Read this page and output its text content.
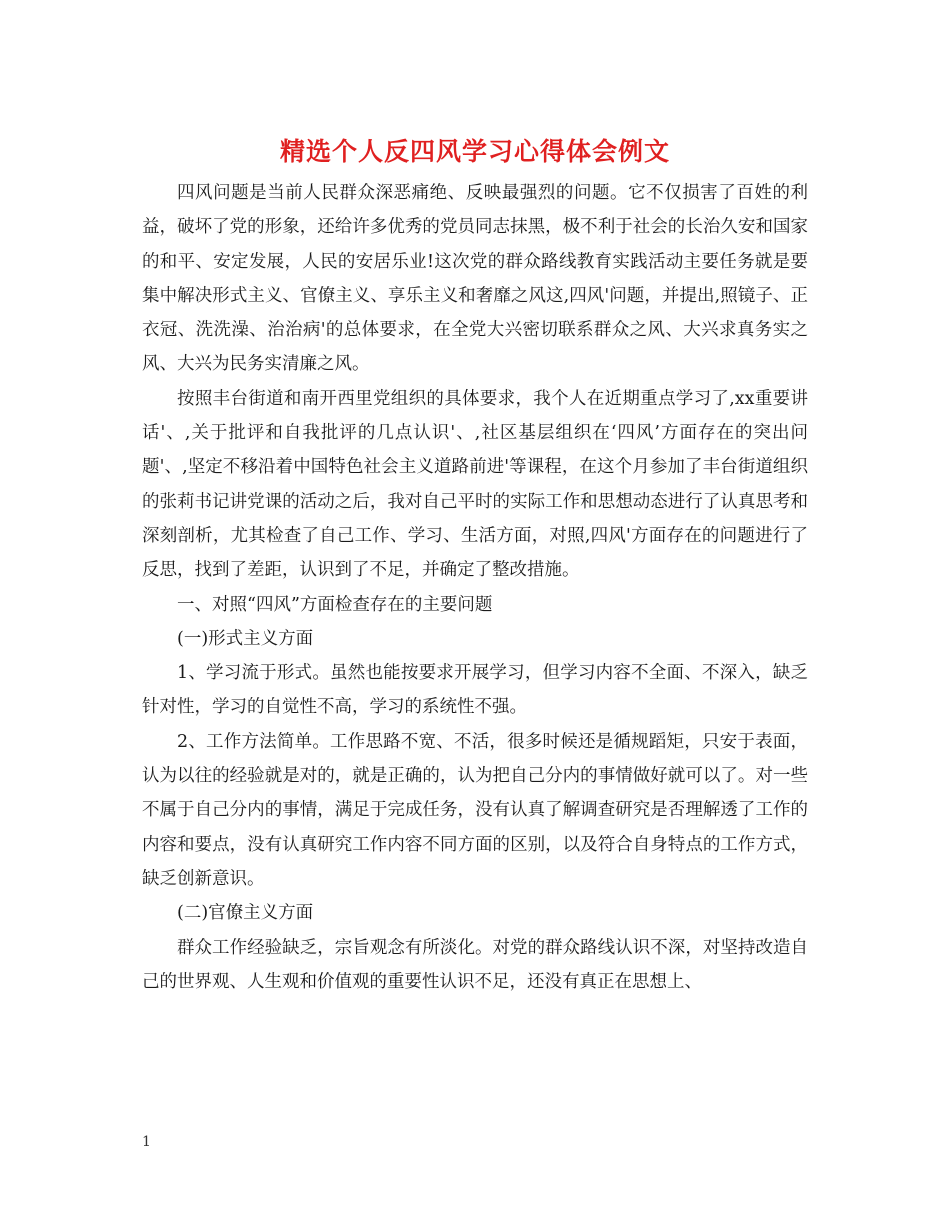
精选个人反四风学习心得体会例文

四风问题是当前人民群众深恶痛绝、反映最强烈的问题。它不仅损害了百姓的利益，破坏了党的形象，还给许多优秀的党员同志抹黑，极不利于社会的长治久安和国家的和平、安定发展，人民的安居乐业!这次党的群众路线教育实践活动主要任务就是要集中解决形式主义、官僚主义、享乐主义和奢靡之风这,四风'问题，并提出,照镜子、正衣冠、洗洗澡、治治病'的总体要求，在全党大兴密切联系群众之风、大兴求真务实之风、大兴为民务实清廉之风。

按照丰台街道和南开西里党组织的具体要求，我个人在近期重点学习了,xx重要讲话'、,关于批评和自我批评的几点认识'、,社区基层组织在‘四风’方面存在的突出问题'、,坚定不移沿着中国特色社会主义道路前进'等课程，在这个月参加了丰台街道组织的张莉书记讲党课的活动之后，我对自己平时的实际工作和思想动态进行了认真思考和深刻剖析，尤其检查了自己工作、学习、生活方面，对照,四风'方面存在的问题进行了反思，找到了差距，认识到了不足，并确定了整改措施。

一、对照“四风”方面检查存在的主要问题

(一)形式主义方面

1、学习流于形式。虽然也能按要求开展学习，但学习内容不全面、不深入，缺乏针对性，学习的自觉性不高，学习的系统性不强。

2、工作方法简单。工作思路不宽、不活，很多时候还是循规蹈矩，只安于表面，认为以往的经验就是对的，就是正确的，认为把自己分内的事情做好就可以了。对一些不属于自己分内的事情，满足于完成任务，没有认真了解调查研究是否理解透了工作的内容和要点，没有认真研究工作内容不同方面的区别，以及符合自身特点的工作方式，缺乏创新意识。

(二)官僚主义方面

群众工作经验缺乏，宗旨观念有所淡化。对党的群众路线认识不深，对坚持改造自己的世界观、人生观和价值观的重要性认识不足，还没有真正在思想上、

1
